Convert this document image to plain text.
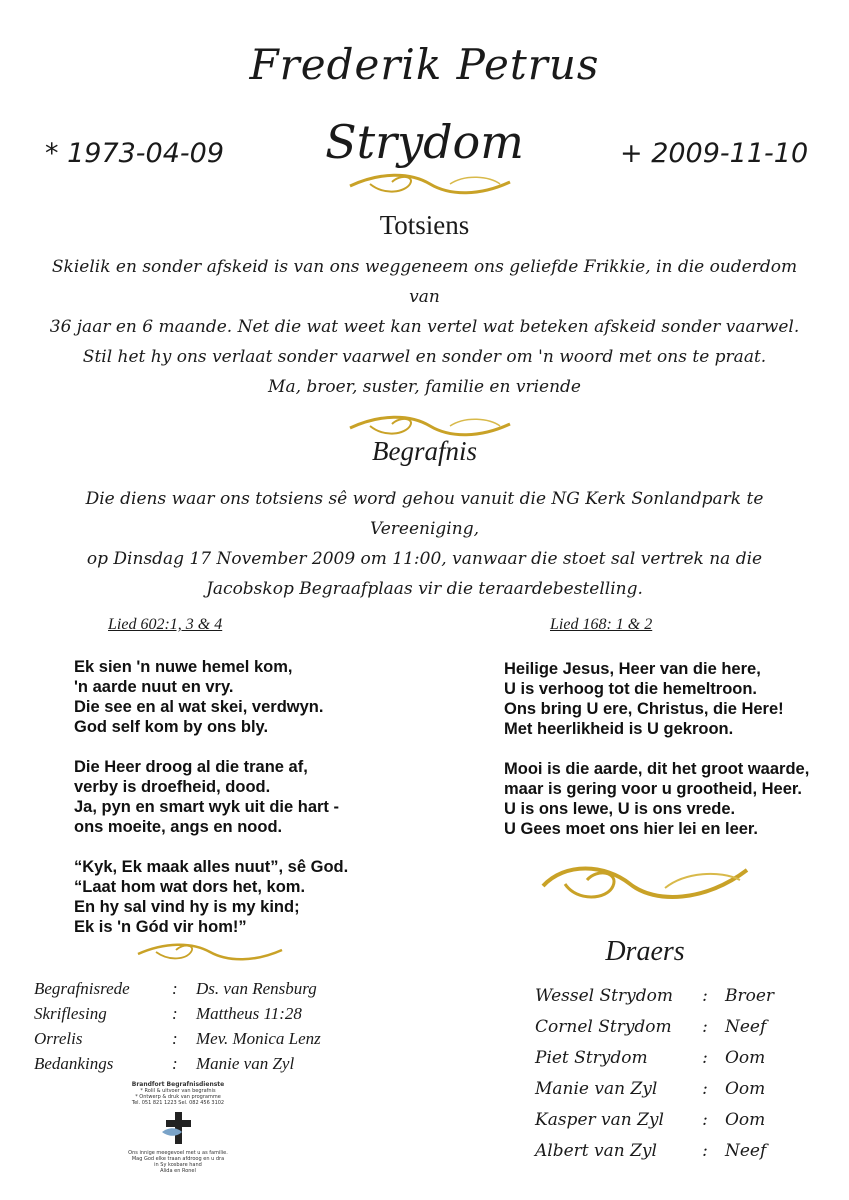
Frederik Petrus
* 1973-04-09	Strydom	+ 2009-11-10
Totsiens
Skielik en sonder afskeid is van ons weggeneem ons geliefde Frikkie, in die ouderdom van
36 jaar en 6 maande. Net die wat weet kan vertel wat beteken afskeid sonder vaarwel.
Stil het hy ons verlaat sonder vaarwel en sonder om 'n woord met ons te praat.
Ma, broer, suster, familie en vriende
Begrafnis
Die diens waar ons totsiens sê word gehou vanuit die NG Kerk Sonlandpark te Vereeniging,
op Dinsdag 17 November 2009 om 11:00, vanwaar die stoet sal vertrek na die
Jacobskop Begraafplaas vir die teraardebestelling.
Lied 602:1, 3 & 4
Ek sien 'n nuwe hemel kom,
'n aarde nuut en vry.
Die see en al wat skei, verdwyn.
God self kom by ons bly.
Die Heer droog al die trane af,
verby is droefheid, dood.
Ja, pyn en smart wyk uit die hart -
ons moeite, angs en nood.
“Kyk, Ek maak alles nuut”, sê God.
“Laat hom wat dors het, kom.
En hy sal vind hy is my kind;
Ek is 'n Gód vir hom!”
Lied 168: 1 & 2
Heilige Jesus, Heer van die here,
U is verhoog tot die hemeltroon.
Ons bring U ere, Christus, die Here!
Met heerlikheid is U gekroon.
Mooi is die aarde, dit het groot waarde,
maar is gering voor u grootheid, Heer.
U is ons lewe, U is ons vrede.
U Gees moet ons hier lei en leer.
Begrafnisrede	:	Ds. van Rensburg
Skriflesing	:	Mattheus 11:28
Orrelis	:	Mev. Monica Lenz
Bedankings	:	Manie van Zyl
Draers
Wessel Strydom	:	Broer
Cornel Strydom	:	Neef
Piet Strydom	:	Oom
Manie van Zyl	:	Oom
Kasper van Zyl	:	Oom
Albert van Zyl	:	Neef
Brandfort Begrafnisdienste
* Rolil & uitvoer van begrafnis
* Ontwerp & druk van programme
Tel. 051 821 1223 Sel. 082 456 3102
Ons innige meegevoel met u as familie.
Mag God elke traan afdroog en u dra
in Sy kosbare hand
Alida en Ronel
